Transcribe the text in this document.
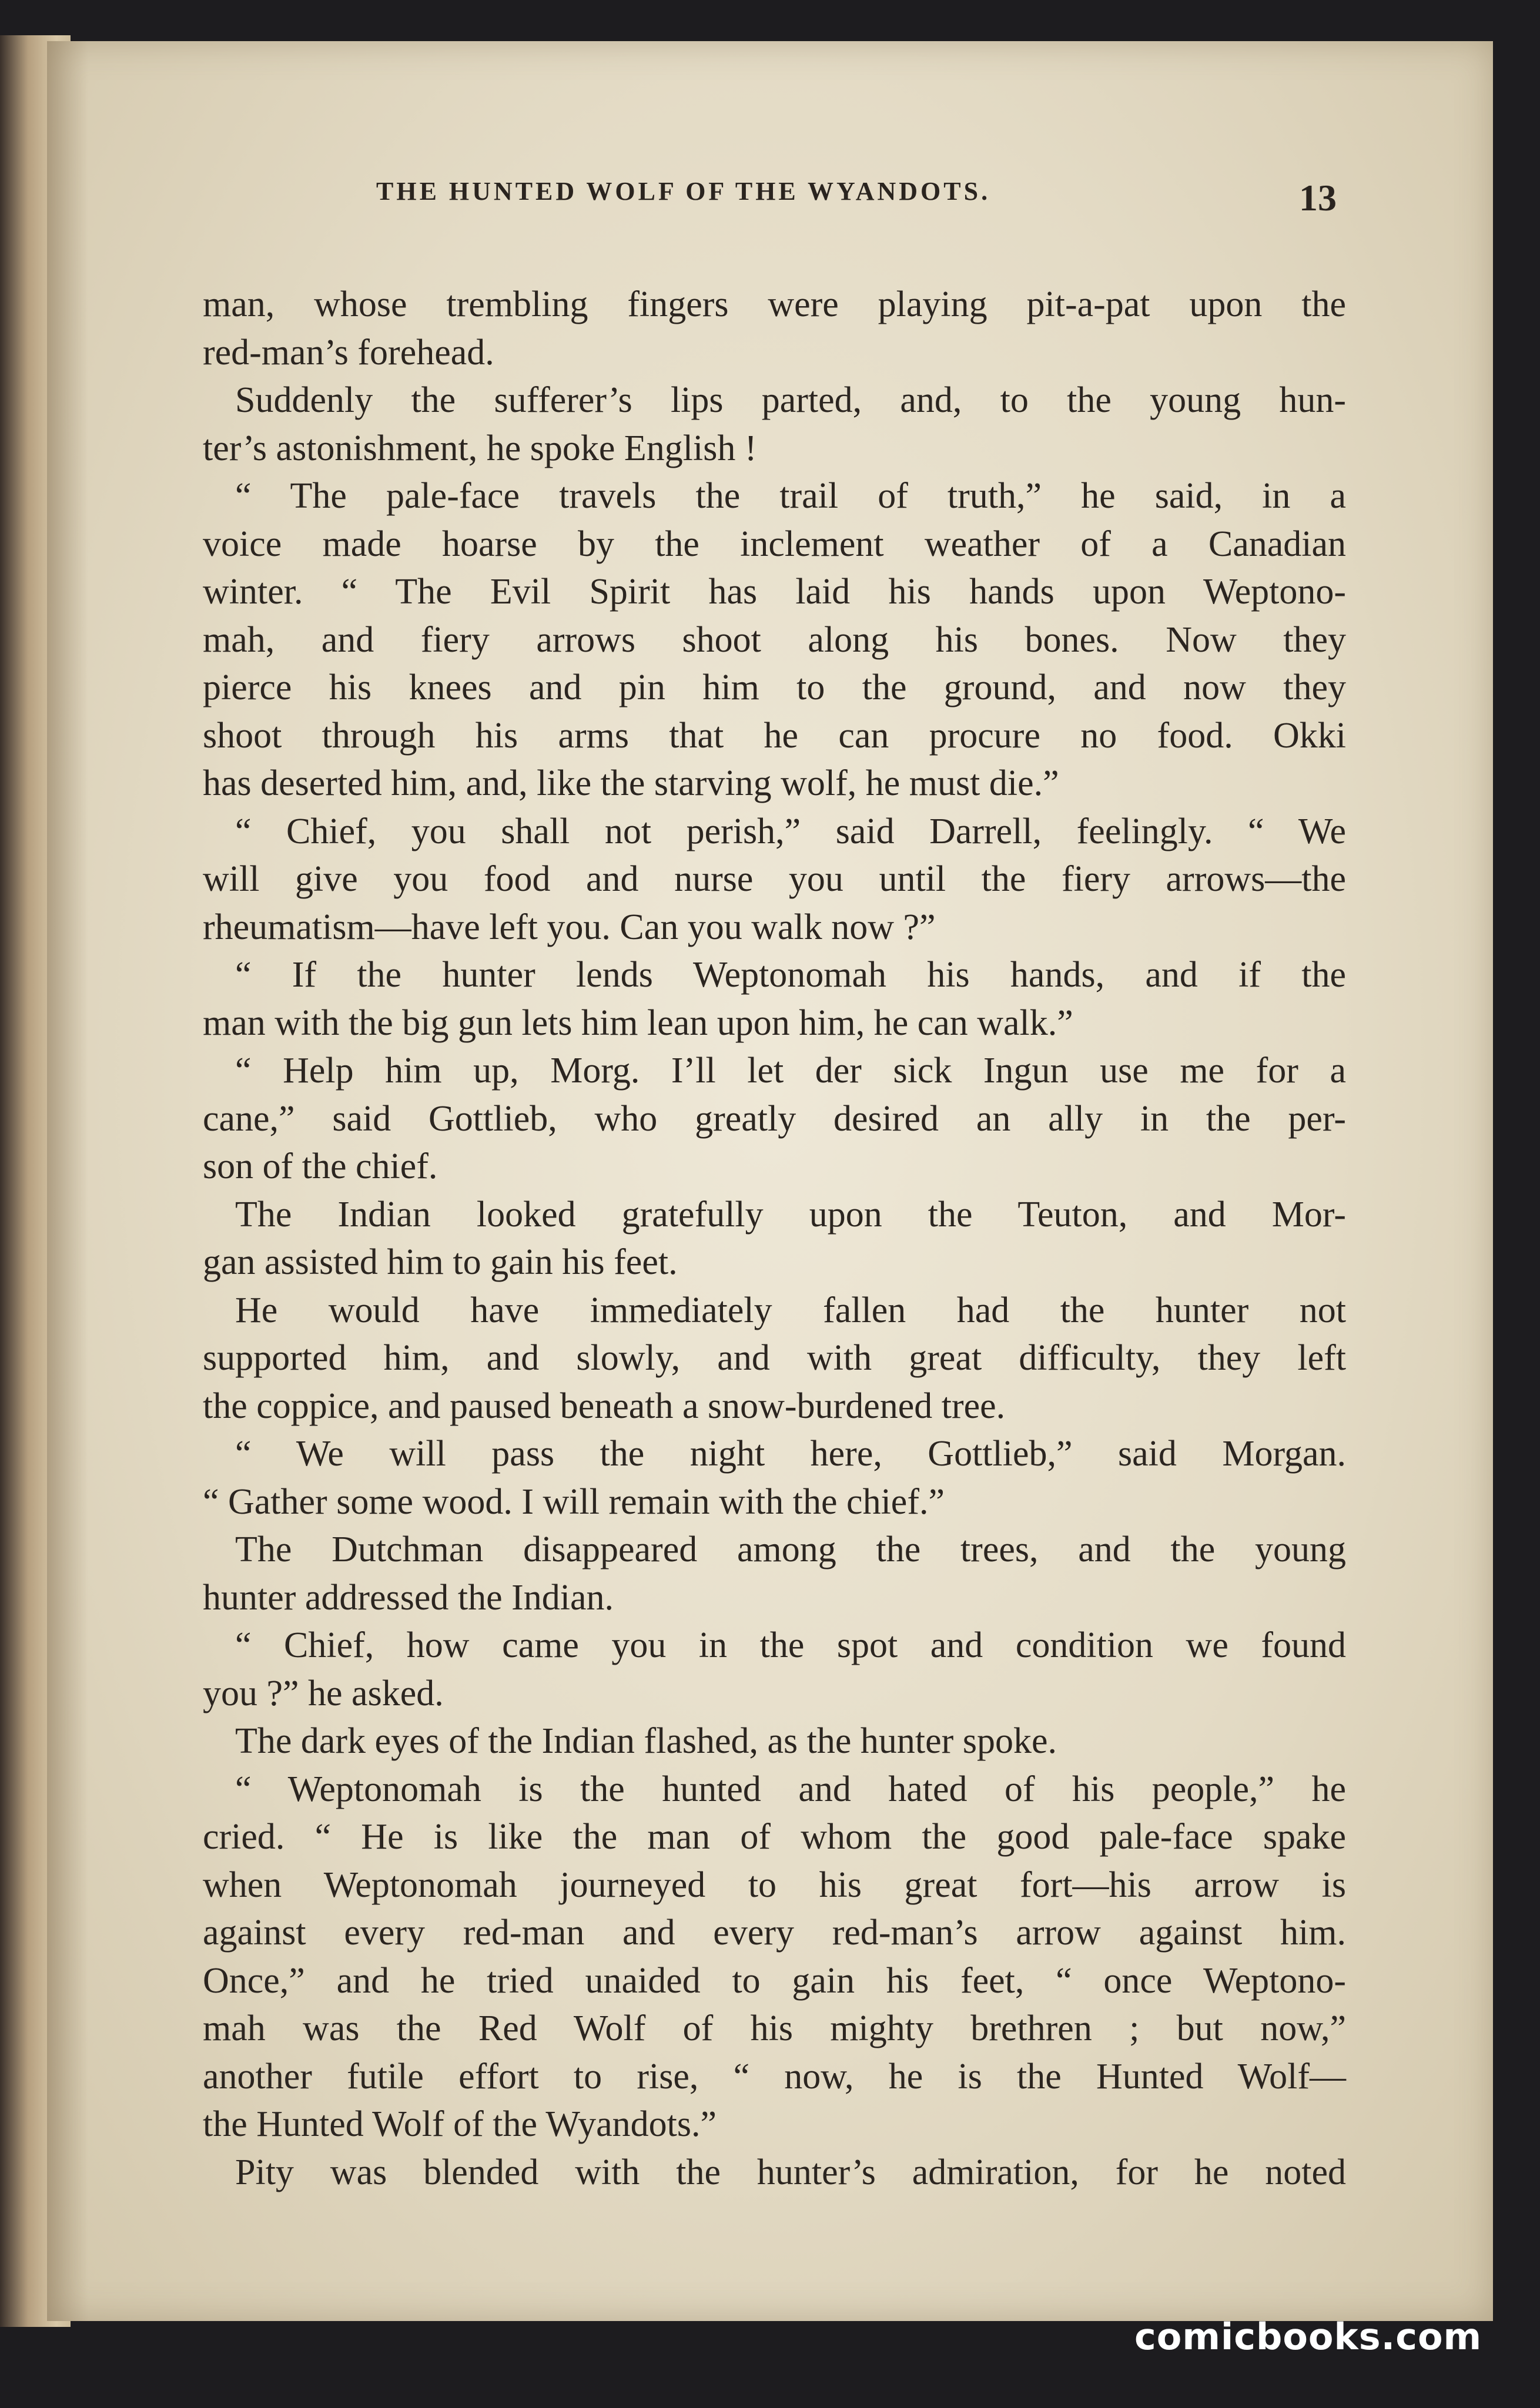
THE HUNTED WOLF OF THE WYANDOTS.	13
man, whose trembling fingers were playing pit-a-pat upon the
red-man’s forehead.
Suddenly the sufferer’s lips parted, and, to the young hun-
ter’s astonishment, he spoke English !
“ The pale-face travels the trail of truth,” he said, in a
voice made hoarse by the inclement weather of a Canadian
winter. “ The Evil Spirit has laid his hands upon Weptono-
mah, and fiery arrows shoot along his bones. Now they
pierce his knees and pin him to the ground, and now they
shoot through his arms that he can procure no food. Okki
has deserted him, and, like the starving wolf, he must die.”
“ Chief, you shall not perish,” said Darrell, feelingly. “ We
will give you food and nurse you until the fiery arrows—the
rheumatism—have left you. Can you walk now ?”
“ If the hunter lends Weptonomah his hands, and if the
man with the big gun lets him lean upon him, he can walk.”
“ Help him up, Morg. I’ll let der sick Ingun use me for a
cane,” said Gottlieb, who greatly desired an ally in the per-
son of the chief.
The Indian looked gratefully upon the Teuton, and Mor-
gan assisted him to gain his feet.
He would have immediately fallen had the hunter not
supported him, and slowly, and with great difficulty, they left
the coppice, and paused beneath a snow-burdened tree.
“ We will pass the night here, Gottlieb,” said Morgan.
“ Gather some wood. I will remain with the chief.”
The Dutchman disappeared among the trees, and the young
hunter addressed the Indian.
“ Chief, how came you in the spot and condition we found
you ?” he asked.
The dark eyes of the Indian flashed, as the hunter spoke.
“ Weptonomah is the hunted and hated of his people,” he
cried. “ He is like the man of whom the good pale-face spake
when Weptonomah journeyed to his great fort—his arrow is
against every red-man and every red-man’s arrow against him.
Once,” and he tried unaided to gain his feet, “ once Weptono-
mah was the Red Wolf of his mighty brethren ; but now,”
another futile effort to rise, “ now, he is the Hunted Wolf—
the Hunted Wolf of the Wyandots.”
Pity was blended with the hunter’s admiration, for he noted
comicbooks.com
